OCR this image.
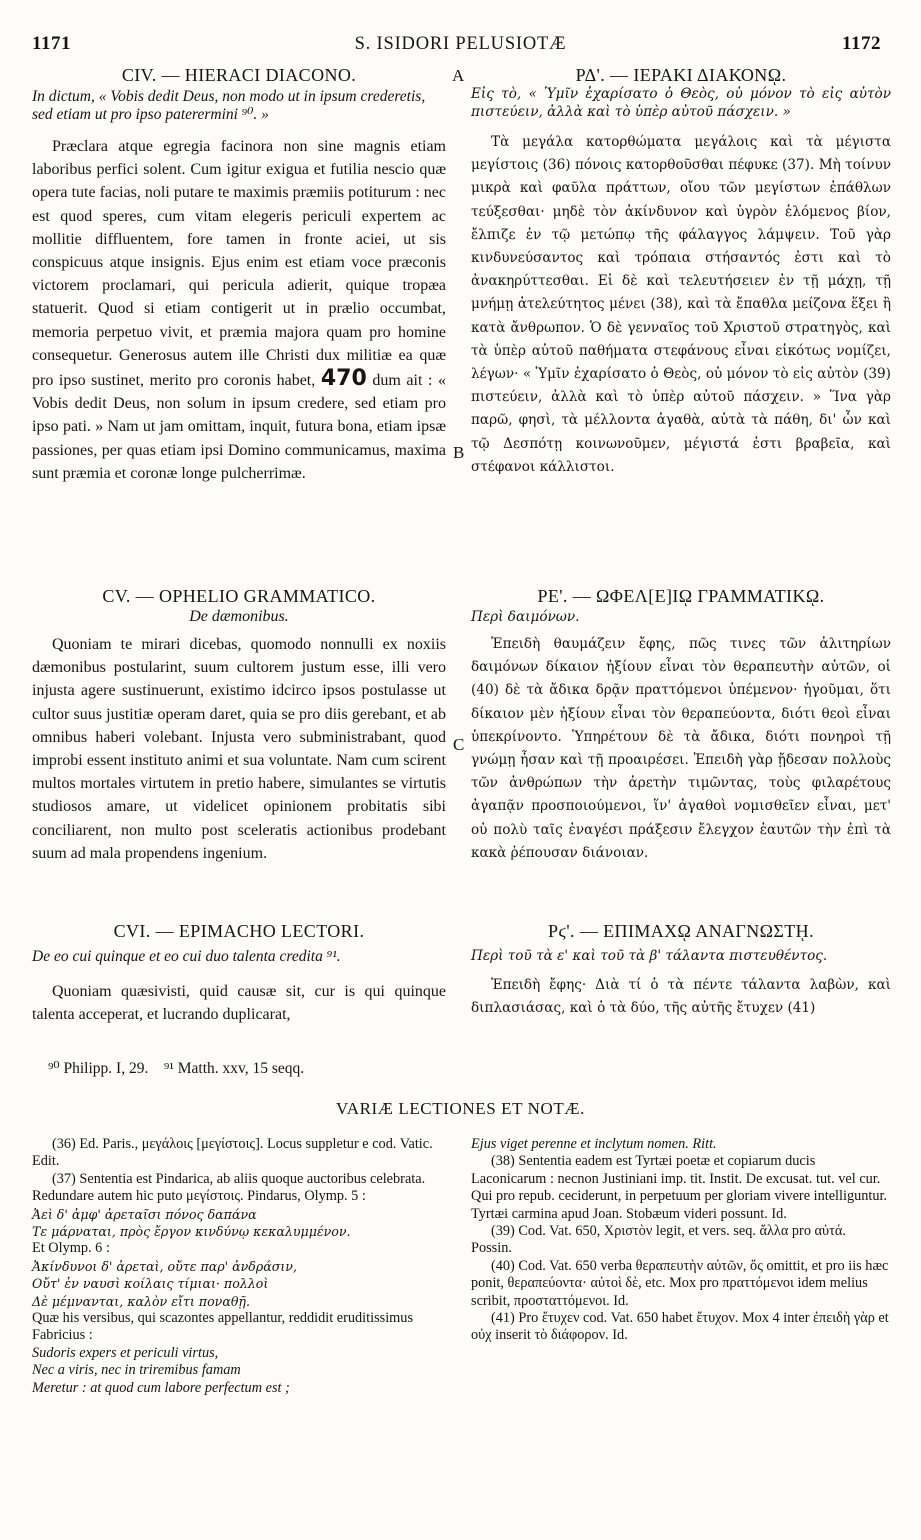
1171	S. ISIDORI PELUSIOTÆ	1172
A
B
C
CIV. — HIERACI DIACONO.
In dictum, « Vobis dedit Deus, non modo ut in ipsum crederetis, sed etiam ut pro ipso paterermini ⁹⁰. »

Præclara atque egregia facinora non sine magnis etiam laboribus perfici solent. Cum igitur exigua et futilia nescio quæ opera tute facias, noli putare te maximis præmiis potiturum : nec est quod speres, cum vitam elegeris periculi expertem ac mollitie diffluentem, fore tamen in fronte aciei, ut sis conspicuus atque insignis. Ejus enim est etiam voce præconis victorem proclamari, qui pericula adierit, quique tropæa statuerit. Quod si etiam contigerit ut in prælio occumbat, memoria perpetuo vivit, et præmia majora quam pro homine consequetur. Generosus autem ille Christi dux militiæ ea quæ pro ipso sustinet, merito pro coronis habet, 470 dum ait : « Vobis dedit Deus, non solum in ipsum credere, sed etiam pro ipso pati. » Nam ut jam omittam, inquit, futura bona, etiam ipsæ passiones, per quas etiam ipsi Domino communicamus, maxima sunt præmia et coronæ longe pulcherrimæ.

CV. — OPHELIO GRAMMATICO.
De dæmonibus.

Quoniam te mirari dicebas, quomodo nonnulli ex noxiis dæmonibus postularint, suum cultorem justum esse, illi vero injusta agere sustinuerunt, existimo idcirco ipsos postulasse ut cultor suus justitiæ operam daret, quia se pro diis gerebant, et ab omnibus haberi volebant. Injusta vero subministrabant, quod improbi essent instituto animi et sua voluntate. Nam cum scirent multos mortales virtutem in pretio habere, simulantes se virtutis studiosos amare, ut videlicet opinionem probitatis sibi conciliarent, non multo post sceleratis actionibus prodebant suum ad mala propendens ingenium.

CVI. — EPIMACHO LECTORI.
De eo cui quinque et eo cui duo talenta credita ⁹¹.

Quoniam quæsivisti, quid causæ sit, cur is qui quinque talenta acceperat, et lucrando duplicarat,

ΡΔ'. — ΙΕΡΑΚΙ ΔΙΑΚΟΝῼ.
Εἰς τὸ, « Ὑμῖν ἐχαρίσατο ὁ Θεὸς, οὐ μόνον τὸ εἰς αὐτὸν πιστεύειν, ἀλλὰ καὶ τὸ ὑπὲρ αὐτοῦ πάσχειν. »

Τὰ μεγάλα κατορθώματα μεγάλοις καὶ τὰ μέγιστα μεγίστοις (36) πόνοις κατορθοῦσθαι πέφυκε (37). Μὴ τοίνυν μικρὰ καὶ φαῦλα πράττων, οἴου τῶν μεγίστων ἐπάθλων τεύξεσθαι· μηδὲ τὸν ἀκίνδυνον καὶ ὑγρὸν ἑλόμενος βίον, ἔλπιζε ἐν τῷ μετώπῳ τῆς φάλαγγος λάμψειν. Τοῦ γὰρ κινδυνεύσαντος καὶ τρόπαια στήσαντός ἐστι καὶ τὸ ἀνακηρύττεσθαι. Εἰ δὲ καὶ τελευτήσειεν ἐν τῇ μάχῃ, τῇ μνήμῃ ἀτελεύτητος μένει (38), καὶ τὰ ἔπαθλα μείζονα ἕξει ἢ κατὰ ἄνθρωπον. Ὁ δὲ γενναῖος τοῦ Χριστοῦ στρατηγὸς, καὶ τὰ ὑπὲρ αὐτοῦ παθήματα στεφάνους εἶναι εἰκότως νομίζει, λέγων· « Ὑμῖν ἐχαρίσατο ὁ Θεὸς, οὐ μόνον τὸ εἰς αὐτὸν (39) πιστεύειν, ἀλλὰ καὶ τὸ ὑπὲρ αὐτοῦ πάσχειν. » Ἵνα γὰρ παρῶ, φησὶ, τὰ μέλλοντα ἀγαθὰ, αὐτὰ τὰ πάθη, δι' ὧν καὶ τῷ Δεσπότῃ κοινωνοῦμεν, μέγιστά ἐστι βραβεῖα, καὶ στέφανοι κάλλιστοι.

ΡΕ'. — ΩΦΕΛ[Ε]Ιῼ ΓΡΑΜΜΑΤΙΚῼ.
Περὶ δαιμόνων.

Ἐπειδὴ θαυμάζειν ἔφης, πῶς τινες τῶν ἀλιτηρίων δαιμόνων δίκαιον ἠξίουν εἶναι τὸν θεραπευτὴν αὐτῶν, οἱ (40) δὲ τὰ ἄδικα δρᾷν πραττόμενοι ὑπέμενον· ἡγοῦμαι, ὅτι δίκαιον μὲν ἠξίουν εἶναι τὸν θεραπεύοντα, διότι θεοὶ εἶναι ὑπεκρίνοντο. Ὑπηρέτουν δὲ τὰ ἄδικα, διότι πονηροὶ τῇ γνώμῃ ἦσαν καὶ τῇ προαιρέσει. Ἐπειδὴ γὰρ ᾔδεσαν πολλοὺς τῶν ἀνθρώπων τὴν ἀρετὴν τιμῶντας, τοὺς φιλαρέτους ἀγαπᾷν προσποιούμενοι, ἵν' ἀγαθοὶ νομισθεῖεν εἶναι, μετ' οὐ πολὺ ταῖς ἐναγέσι πράξεσιν ἔλεγχον ἑαυτῶν τὴν ἐπὶ τὰ κακὰ ῥέπουσαν διάνοιαν.

Ρϛ'. — ΕΠΙΜΑΧῼ ΑΝΑΓΝΩΣΤῌ.
Περὶ τοῦ τὰ ε' καὶ τοῦ τὰ β' τάλαντα πιστευθέντος.

Ἐπειδὴ ἔφης· Διὰ τί ὁ τὰ πέντε τάλαντα λαβὼν, καὶ διπλασιάσας, καὶ ὁ τὰ δύο, τῆς αὐτῆς ἔτυχεν (41)

⁹⁰ Philipp. I, 29.    ⁹¹ Matth. xxv, 15 seqq.
VARIÆ LECTIONES ET NOTÆ.

(36) Ed. Paris., μεγάλοις [μεγίστοις]. Locus suppletur e cod. Vatic. Edit.

(37) Sententia est Pindarica, ab aliis quoque auctoribus celebrata. Redundare autem hic puto μεγίστοις. Pindarus, Olymp. 5 :

Ἀεὶ δ' ἀμφ' ἀρεταῖσι πόνος δαπάνα

Τε μάρναται, πρὸς ἔργον κινδύνῳ κεκαλυμμένον.

Et Olymp. 6 :

Ἀκίνδυνοι δ' ἀρεταὶ, οὔτε παρ' ἀνδράσιν,

Οὔτ' ἐν ναυσὶ κοίλαις τίμιαι· πολλοὶ

Δὲ μέμνανται, καλὸν εἴτι ποναθῇ.

Quæ his versibus, qui scazontes appellantur, reddidit eruditissimus Fabricius :

Sudoris expers et periculi virtus,

Nec a viris, nec in triremibus famam

Meretur : at quod cum labore perfectum est ;

Ejus viget perenne et inclytum nomen. Ritt.

(38) Sententia eadem est Tyrtæi poetæ et copiarum ducis Laconicarum : necnon Justiniani imp. tit. Instit. De excusat. tut. vel cur. Qui pro repub. ceciderunt, in perpetuum per gloriam vivere intelliguntur. Tyrtæi carmina apud Joan. Stobæum videri possunt. Id.

(39) Cod. Vat. 650, Χριστὸν legit, et vers. seq. ἄλλα pro αὐτά. Possin.

(40) Cod. Vat. 650 verba θεραπευτὴν αὐτῶν, ὅς omittit, et pro iis hæc ponit, θεραπεύοντα· αὐτοὶ δὲ, etc. Mox pro πραττόμενοι idem melius scribit, προσταττόμενοι. Id.

(41) Pro ἔτυχεν cod. Vat. 650 habet ἔτυχον. Mox 4 inter ἐπειδὴ γὰρ et οὐχ inserit τὸ διάφορον. Id.
